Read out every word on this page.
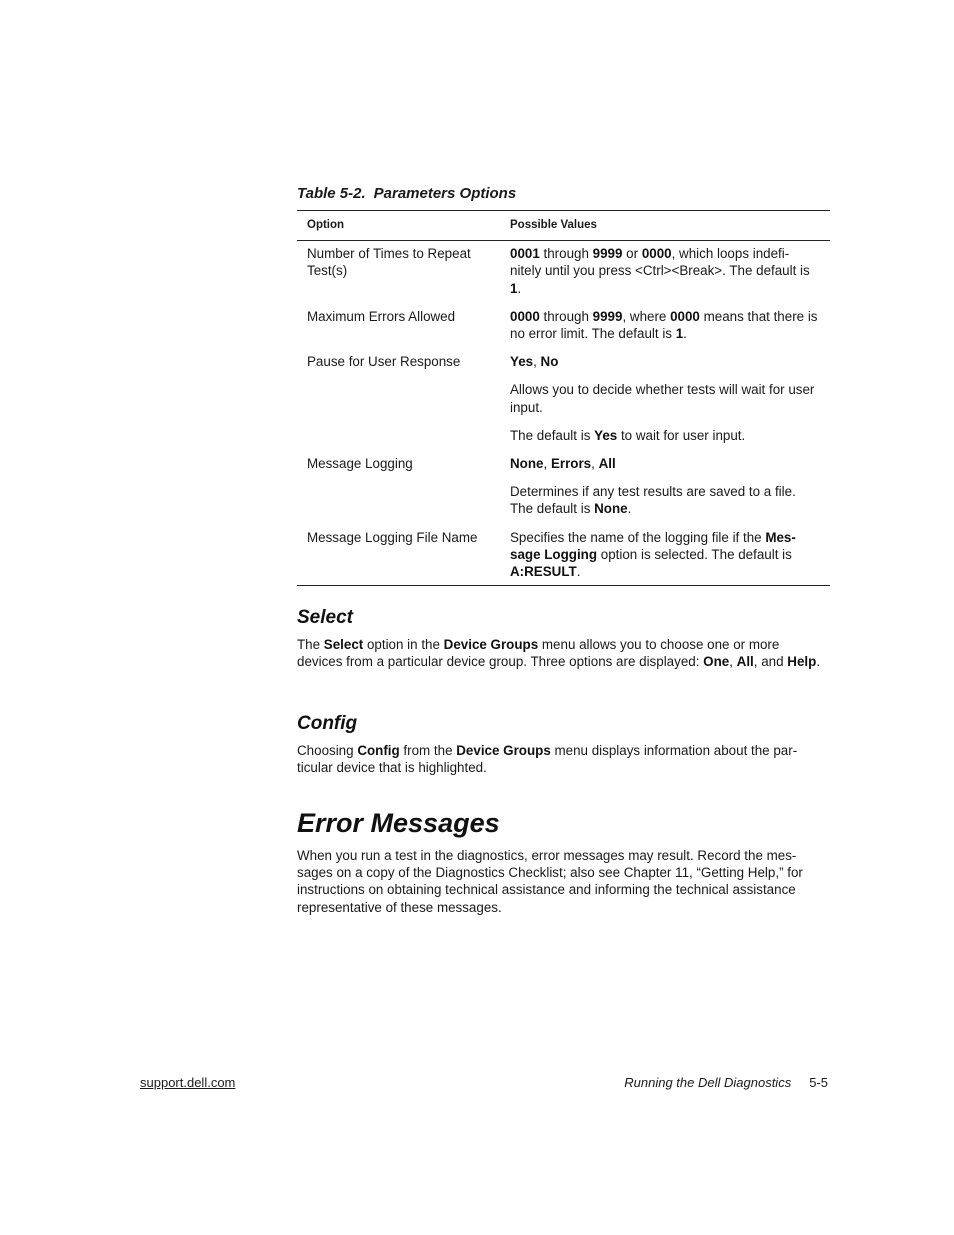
Table 5-2. Parameters Options
Option	Possible Values

Number of Times to Repeat Test(s)	0001 through 9999 or 0000, which loops indefi-nitely until you press <Ctrl><Break>. The default is 1.

Maximum Errors Allowed	0000 through 9999, where 0000 means that there is no error limit. The default is 1.

Pause for User Response	Yes, No

Allows you to decide whether tests will wait for user input.

The default is Yes to wait for user input.

Message Logging	None, Errors, All

Determines if any test results are saved to a file. The default is None.

Message Logging File Name	Specifies the name of the logging file if the Mes-sage Logging option is selected. The default is A:RESULT.

Select

The Select option in the Device Groups menu allows you to choose one or more devices from a particular device group. Three options are displayed: One, All, and Help.

Config

Choosing Config from the Device Groups menu displays information about the par-ticular device that is highlighted.

Error Messages

When you run a test in the diagnostics, error messages may result. Record the mes-sages on a copy of the Diagnostics Checklist; also see Chapter 11, “Getting Help,” for instructions on obtaining technical assistance and informing the technical assistance representative of these messages.

support.dell.com	Running the Dell Diagnostics 5-5
